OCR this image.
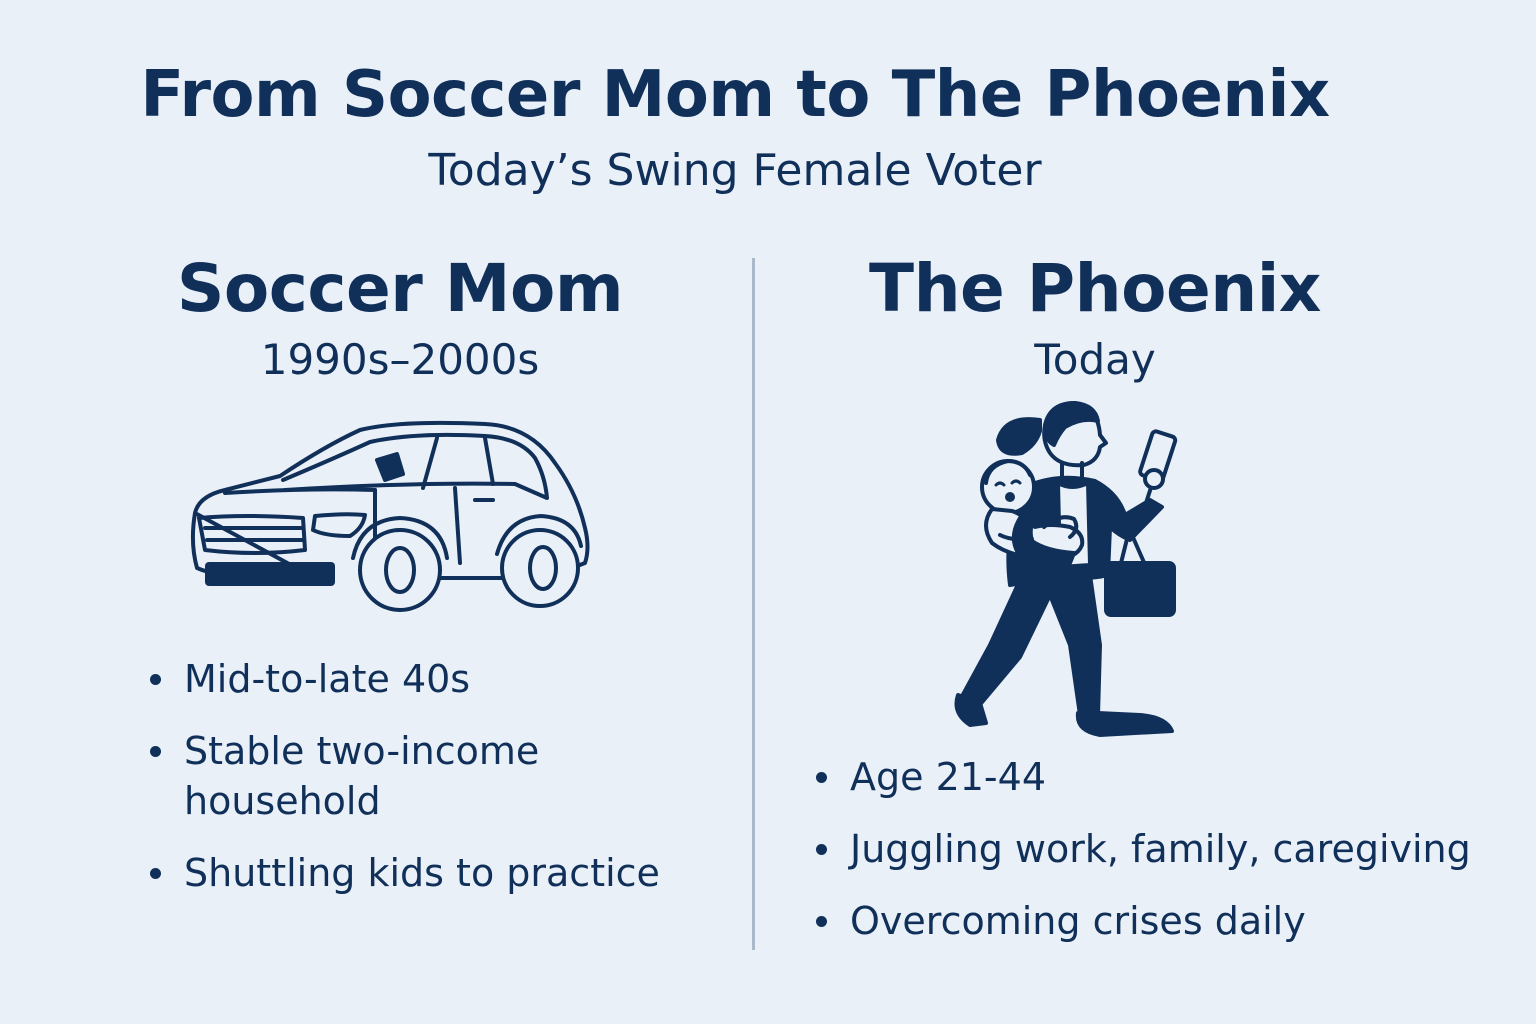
From Soccer Mom to The Phoenix
Today’s Swing Female Voter
Soccer Mom
1990s–2000s
Mid-to-late 40s
Stable two-income household
Shuttling kids to practice
The Phoenix
Today
Age 21-44
Juggling work, family, caregiving
Overcoming crises daily
